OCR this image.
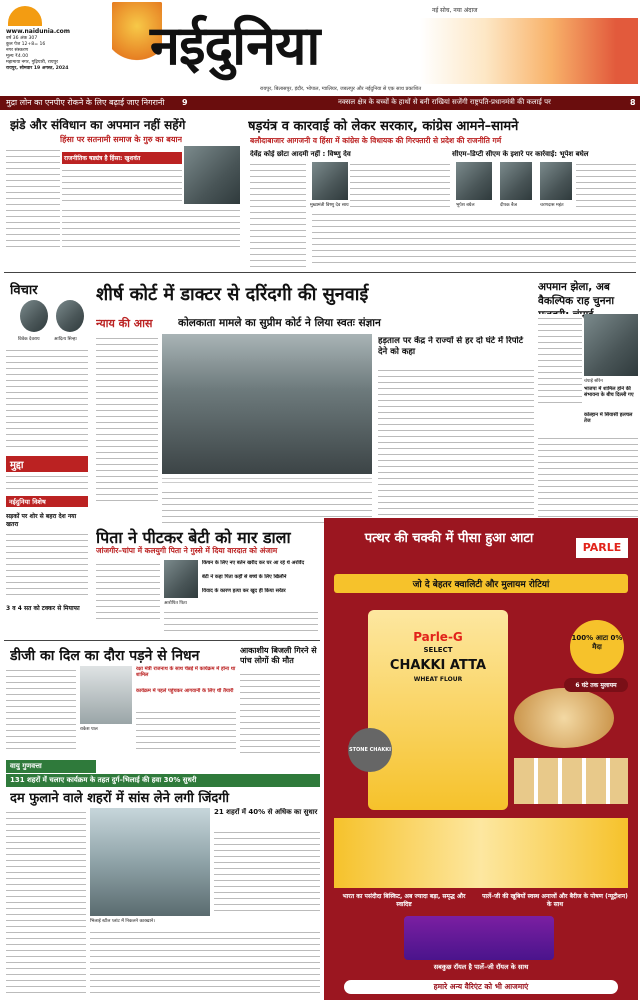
www.naidunia.com
वर्ष 36 अंक 307
कुल पेज 12+8= 16
नगर संस्करण
मूल्य ₹4.00
महामाया नगर, गुढ़ियारी, रायपुर
रायपुर, सोमवार 19 अगस्त, 2024	नईदुनिया
नई सोच, नया अंदाज
रायपुर, बिलासपुर, इंदौर, भोपाल, ग्वालियर, जबलपुर और नईदुनिया से एक साथ प्रकाशित
मुद्रा लोन का एनपीए रोकने के लिए बढ़ाई जाए निगरानी 9	नक्सल क्षेत्र के बच्चों के हाथों से बनी राखियां सजेंगी राष्ट्रपति-प्रधानमंत्री की कलाई पर	8
झंडे और संविधान का अपमान नहीं सहेंगे
हिंसा पर सतनामी समाज के गुरु का बयान
राजनीतिक षड्यंत्र है हिंसा: खुशवंत
षड़यंत्र व कारवाई को लेकर सरकार, कांग्रेस आमने–सामने
बलौदाबाजार आगजनी व हिंसा में कांग्रेस के विधायक की गिरफ्तारी से प्रदेश की राजनीति गर्म
देवेंद्र कोई छोटा आदमी नहीं : विष्णु देव	सीएम–डिप्टी सीएम के इशारे पर कार्रवाई: भूपेश बघेल
मुख्यमंत्री विष्णु देव साय	भूपेश बघेल	दीपक बैज	चरणदास महंत
विचार
विवेक देवराय	आदित्य सिन्हा
मुद्दा
नईदुनिया विशेष
सड़कों पर शोर से बहरा देश नया खतरा
3 व 4 सत को टक्कर से मियाफा
शीर्ष कोर्ट में डाक्टर से दरिंदगी की सुनवाई
न्याय की आस कोलकाता मामले का सुप्रीम कोर्ट ने लिया स्वतः संज्ञान
हड़ताल पर केंद्र ने राज्यों से हर दो घंटे में रिपोर्ट देने को कहा
अपमान झेला, अब वैकल्पिक राह चुनना
चंपाई सोरेन
भाजपा में शामिल होने की संभावना के बीच दिल्ली गए
कोल्हान में सियासी हलचल तेज
पिता ने पीटकर बेटी को मार डाला
जांजगीर–चांपा में कलयुगी पिता ने गुस्से में दिया वारदात को अंजाम
आरोपित पिता
किचन के लिए नए बर्तन खरीद कर घर आ रहे थे अरविंद
बेटी ने कहा पिता कहीं से बच्चे के लिए खिलौने
विवाद के कारण हत्या कर खुद ही किया सरेंडर
डीजी का दिल का दौरा पड़ने से निधन
राकेश पाल
रक्षा मंत्री राजनाथ के साथ चेन्नई में कार्यक्रम में होना था शामिल
कार्यक्रम में पहले पहुंचकर आगवानी के लिए थी तैयारी
आकाशीय बिजली गिरने से पांच लोगों की मौत
वायु गुणवत्ता
131 शहरों में चलाए कार्यक्रम के तहत दुर्ग–भिलाई की हवा 30% सुधरी
दम फुलाने वाले शहरों में सांस लेने लगी जिंदगी
भिलाई स्टील प्लांट में निकलने कारखाने।
21 शहरों में 40% से अधिक का सुधार
पत्थर की चक्की में पीसा हुआ आटा
PARLE
जो दे बेहतर क्वालिटी और मुलायम रोटियां
Parle-G
SELECT
CHAKKI ATTA
WHEAT FLOUR
STONE CHAKKI
100% आटा 0% मैदा
6 घंटे तक मुलायम
भारत का पसंदीदा बिस्किट, अब ज्यादा बड़ा, समृद्ध और स्वादिष्ट
पार्ले–जी की खूबियों स्वस्थ अनाजों और बैरीज के पोषण (न्यूट्रीशन) के साथ
सबकुछ रॉयल है पार्ले–जी रॉयल के साथ
हमारे अन्य वैरिएंट को भी आजमाएं
